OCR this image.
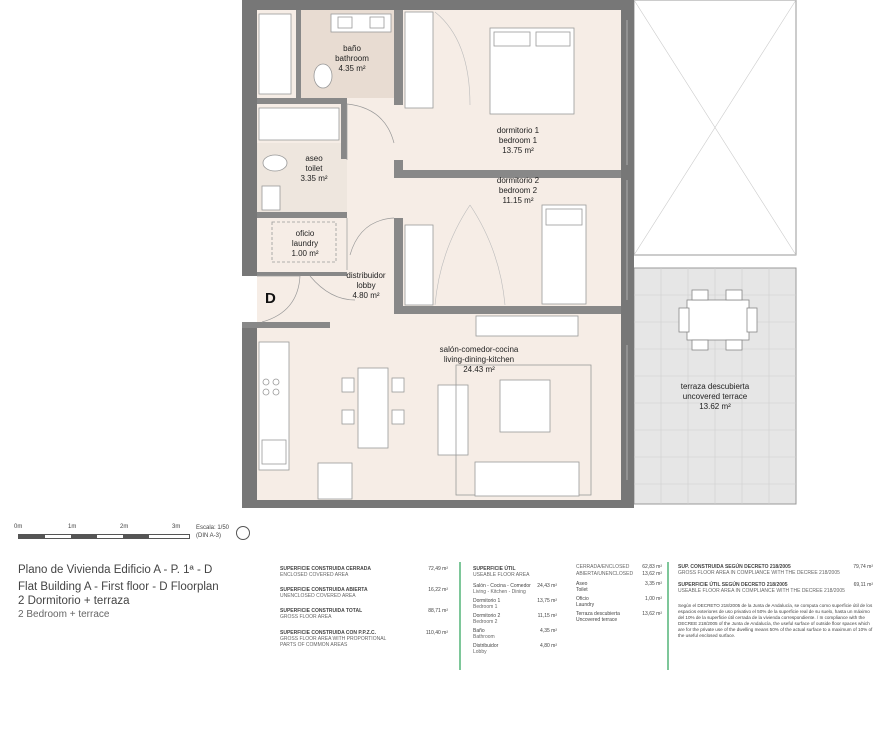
baño
bathroom
4.35 m²
aseo
toilet
3.35 m²
oficio
laundry
1.00 m²
distribuidor
lobby
4.80 m²
dormitorio 1
bedroom 1
13.75 m²
dormitorio 2
bedroom 2
11.15 m²
salón-comedor-cocina
living-dining-kitchen
24.43 m²
terraza descubierta
uncovered terrace
13.62 m²
D
0m	1m	2m	3m	Escala: 1/50
(DIN A-3)
Plano de Vivienda Edificio A - P. 1ª - D
Flat Building A - First floor - D Floorplan
2 Dormitorio + terraza
2 Bedroom + terrace
SUPERFICIE CONSTRUIDA CERRADA
ENCLOSED COVERED AREA
72,49 m²
SUPERFICIE CONSTRUIDA ABIERTA
UNENCLOSED COVERED AREA
16,22 m²
SUPERFICIE CONSTRUIDA TOTAL
GROSS FLOOR AREA
88,71 m²
SUPERFICIE CONSTRUIDA CON P.P.Z.C.
GROSS FLOOR AREA WITH PROPORTIONAL PARTS OF COMMON AREAS
110,40 m²
SUPERFICIE ÚTIL
USEABLE FLOOR AREA
Salón - Cocina - Comedor
Living - Kitchen - Dining
24,43 m²
Dormitorio 1
Bedroom 1
13,75 m²
Dormitorio 2
Bedroom 2
11,15 m²
Baño
Bathroom
4,35 m²
Distribuidor
Lobby
4,80 m²
CERRADA/ENCLOSED	62,83 m²
ABIERTA/UNENCLOSED	13,62 m²
Aseo
Toilet
3,35 m²
Oficio
Laundry
1,00 m²
Terraza descubierta
Uncovered terrace
13,62 m²
SUP. CONSTRUIDA SEGÚN DECRETO 218/2005
GROSS FLOOR AREA IN COMPLIANCE WITH THE DECREE 218/2005
79,74 m²
SUPERFICIE ÚTIL SEGÚN DECRETO 218/2005
USEABLE FLOOR AREA IN COMPLIANCE WITH THE DECREE 218/2005
69,11 m²
Según el DECRETO 218/2005 de la Junta de Andalucía, se computa como superficie útil de los espacios exteriores de uso privativo el 50% de la superficie real de su suelo, hasta un máximo del 10% de la superficie útil cerrada de la vivienda correspondiente. / In compliance with the DECREE 218/2005 of the Junta de Andalucía, the useful surface of outside floor spaces which are for the private use of the dwelling means 50% of the actual surface to a maximum of 10% of the useful enclosed surface.
